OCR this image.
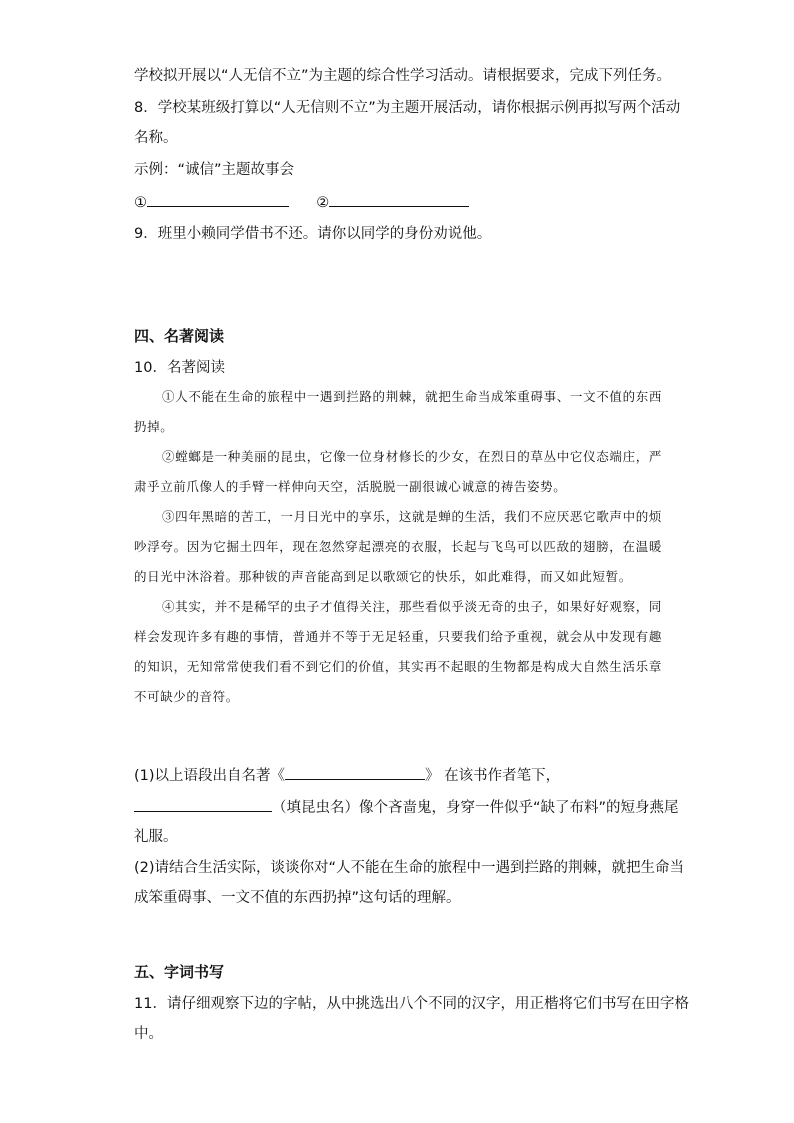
学校拟开展以“人无信不立”为主题的综合性学习活动。请根据要求，完成下列任务。
8．学校某班级打算以“人无信则不立”为主题开展活动，请你根据示例再拟写两个活动
名称。
示例：“诚信”主题故事会
①	②
9．班里小赖同学借书不还。请你以同学的身份劝说他。
四、名著阅读
10．名著阅读

①人不能在生命的旅程中一遇到拦路的荆棘，就把生命当成笨重碍事、一文不值的东西扔掉。

②螳螂是一种美丽的昆虫，它像一位身材修长的少女，在烈日的草丛中它仪态端庄，严肃乎立前爪像人的手臂一样伸向天空，活脱脱一副很诚心诚意的祷告姿势。

③四年黑暗的苦工，一月日光中的享乐，这就是蝉的生活，我们不应厌恶它歌声中的烦吵浮夸。因为它掘土四年，现在忽然穿起漂亮的衣服，长起与飞鸟可以匹敌的翅膀，在温暖的日光中沐浴着。那种钹的声音能高到足以歌颂它的快乐，如此难得，而又如此短暂。

④其实，并不是稀罕的虫子才值得关注，那些看似乎淡无奇的虫子，如果好好观察，同样会发现许多有趣的事情，普通并不等于无足轻重，只要我们给予重视，就会从中发现有趣的知识，无知常常使我们看不到它们的价值，其实再不起眼的生物都是构成大自然生活乐章不可缺少的音符。

(1)以上语段出自名著《	》 在该书作者笔下，
（填昆虫名）像个吝啬鬼，身穿一件似乎“缺了布料”的短身燕尾
礼服。
(2)请结合生活实际，谈谈你对“人不能在生命的旅程中一遇到拦路的荆棘，就把生命当
成笨重碍事、一文不值的东西扔掉”这句话的理解。
五、字词书写
11．请仔细观察下边的字帖，从中挑选出八个不同的汉字，用正楷将它们书写在田字格
中。
